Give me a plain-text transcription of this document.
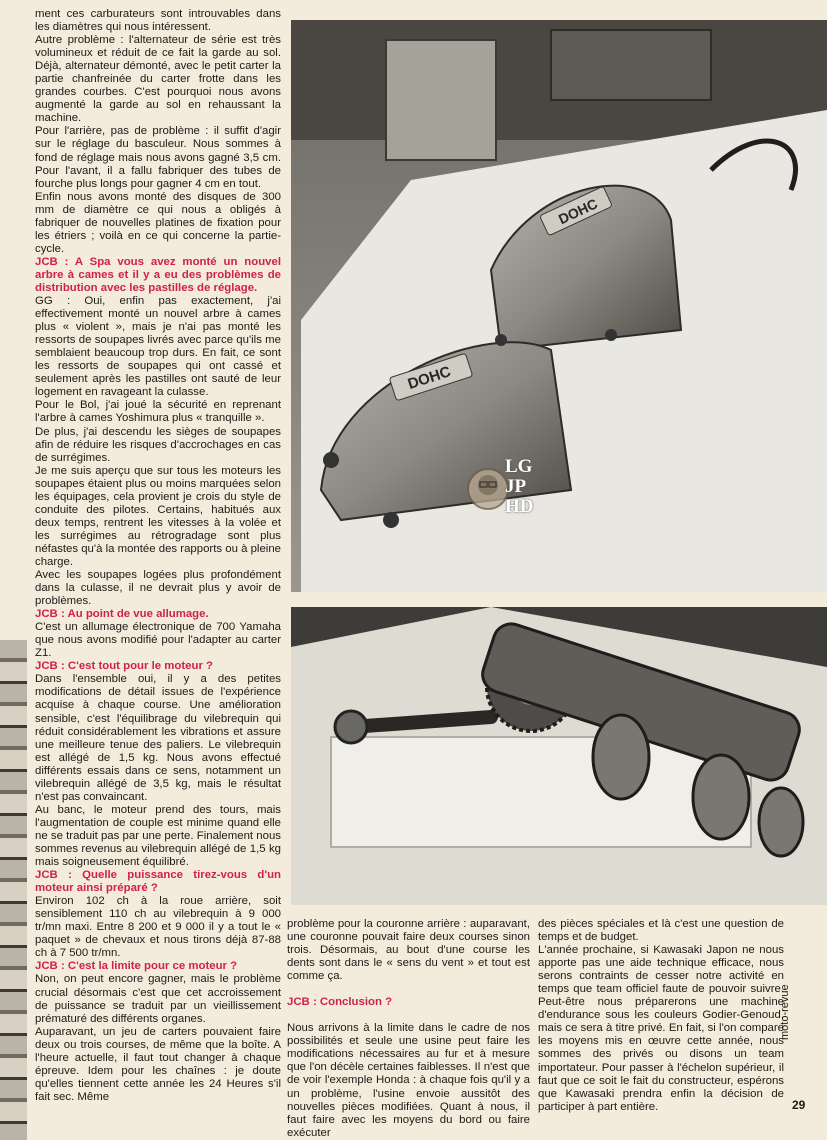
ment ces carburateurs sont introuvables dans les diamètres qui nous intéressent.

Autre problème : l'alternateur de série est très volumineux et réduit de ce fait la garde au sol. Déjà, alternateur démonté, avec le petit carter la partie chanfreinée du carter frotte dans les grandes courbes. C'est pourquoi nous avons augmenté la garde au sol en rehaussant la machine.

Pour l'arrière, pas de problème : il suffit d'agir sur le réglage du basculeur. Nous sommes à fond de réglage mais nous avons gagné 3,5 cm. Pour l'avant, il a fallu fabriquer des tubes de fourche plus longs pour gagner 4 cm en tout.

Enfin nous avons monté des disques de 300 mm de diamètre ce qui nous a obligés à fabriquer de nouvelles platines de fixation pour les étriers ; voilà en ce qui concerne la partie-cycle.

JCB : A Spa vous avez monté un nouvel arbre à cames et il y a eu des problèmes de distribution avec les pastilles de réglage.

GG : Oui, enfin pas exactement, j'ai effectivement monté un nouvel arbre à cames plus « violent », mais je n'ai pas monté les ressorts de soupapes livrés avec parce qu'ils me semblaient beaucoup trop durs. En fait, ce sont les ressorts de soupapes qui ont cassé et seulement après les pastilles ont sauté de leur logement en ravageant la culasse.

Pour le Bol, j'ai joué la sécurité en reprenant l'arbre à cames Yoshimura plus « tranquille ».

De plus, j'ai descendu les sièges de soupapes afin de réduire les risques d'accrochages en cas de surrégimes.

Je me suis aperçu que sur tous les moteurs les soupapes étaient plus ou moins marquées selon les équipages, cela provient je crois du style de conduite des pilotes. Certains, habitués aux deux temps, rentrent les vitesses à la volée et les surrégimes au rétrogradage sont plus néfastes qu'à la montée des rapports ou à pleine charge.

Avec les soupapes logées plus profondément dans la culasse, il ne devrait plus y avoir de problèmes.

JCB : Au point de vue allumage.

C'est un allumage électronique de 700 Yamaha que nous avons modifié pour l'adapter au carter Z1.

JCB : C'est tout pour le moteur ?

Dans l'ensemble oui, il y a des petites modifications de détail issues de l'expérience acquise à chaque course. Une amélioration sensible, c'est l'équilibrage du vilebrequin qui réduit considérablement les vibrations et assure une meilleure tenue des paliers. Le vilebrequin est allégé de 1,5 kg. Nous avons effectué différents essais dans ce sens, notamment un vilebrequin allégé de 3,5 kg, mais le résultat n'est pas convaincant.

Au banc, le moteur prend des tours, mais l'augmentation de couple est minime quand elle ne se traduit pas par une perte. Finalement nous sommes revenus au vilebrequin allégé de 1,5 kg mais soigneusement équilibré.

JCB : Quelle puissance tirez-vous d'un moteur ainsi préparé ?

Environ 102 ch à la roue arrière, soit sensiblement 110 ch au vilebrequin à 9 000 tr/mn maxi. Entre 8 200 et 9 000 il y a tout le « paquet » de chevaux et nous tirons déjà 87-88 ch à 7 500 tr/mn.

JCB : C'est la limite pour ce moteur ?

Non, on peut encore gagner, mais le problème crucial désormais c'est que cet accroissement de puissance se traduit par un vieillissement prématuré des différents organes.

Auparavant, un jeu de carters pouvaient faire deux ou trois courses, de même que la boîte. A l'heure actuelle, il faut tout changer à chaque épreuve. Idem pour les chaînes : je doute qu'elles tiennent cette année les 24 Heures s'il fait sec. Même

DOHC
DOHC
LG
JP
HD

problème pour la couronne arrière : auparavant, une couronne pouvait faire deux courses sinon trois. Désormais, au bout d'une course les dents sont dans le « sens du vent » et tout est comme ça.

JCB : Conclusion ?

Nous arrivons à la limite dans le cadre de nos possibilités et seule une usine peut faire les modifications nécessaires au fur et à mesure que l'on décèle certaines faiblesses. Il n'est que de voir l'exemple Honda : à chaque fois qu'il y a un problème, l'usine envoie aussitôt des nouvelles pièces modifiées. Quant à nous, il faut faire avec les moyens du bord ou faire exécuter

des pièces spéciales et là c'est une question de temps et de budget.

L'année prochaine, si Kawasaki Japon ne nous apporte pas une aide technique efficace, nous serons contraints de cesser notre activité en temps que team officiel faute de pouvoir suivre. Peut-être nous préparerons une machine d'endurance sous les couleurs Godier-Genoud, mais ce sera à titre privé. En fait, si l'on compare les moyens mis en œuvre cette année, nous sommes des privés ou disons un team importateur. Pour passer à l'échelon supérieur, il faut que ce soit le fait du constructeur, espérons que Kawasaki prendra enfin la décision de participer à part entière.

moto-revue
29
